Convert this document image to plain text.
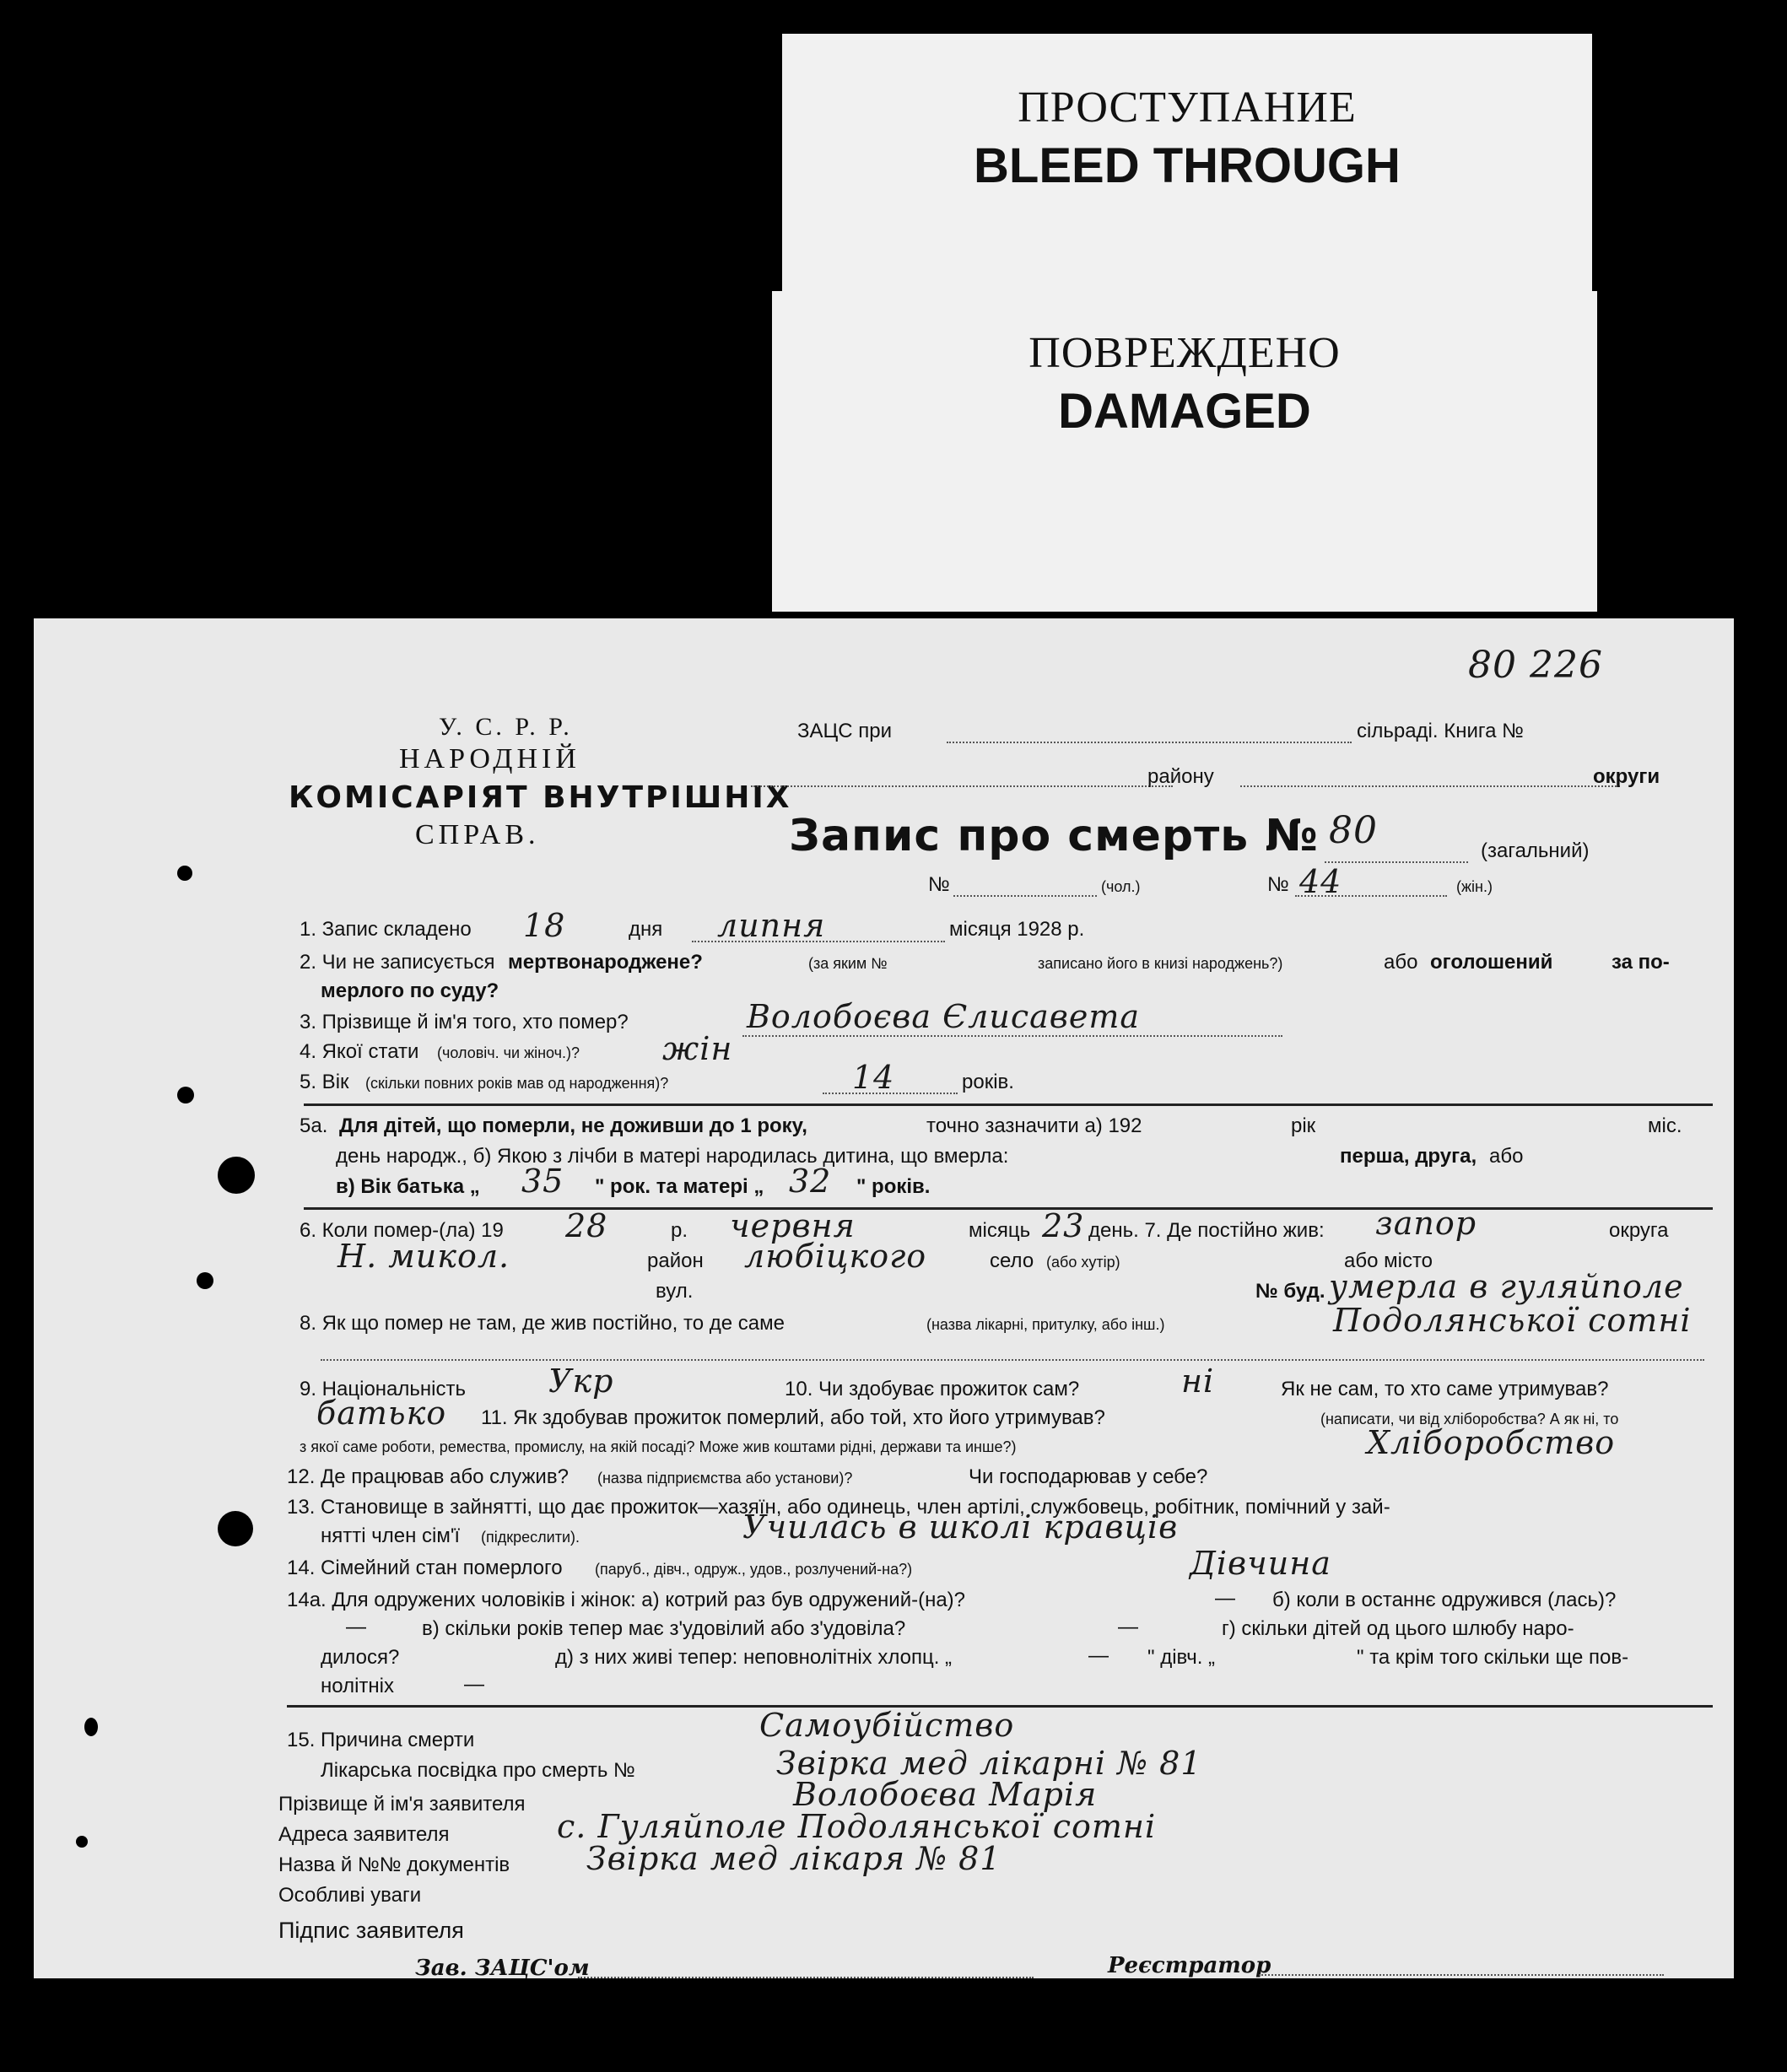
ПРОСТУПАНИЕ
BLEED THROUGH
ПОВРЕЖДЕНО
DAMAGED
80 226
У. С. Р. Р.
НАРОДНІЙ
КОМІСАРІЯТ ВНУТРІШНІХ
СПРАВ.
ЗАЦС при	сільраді. Книга №
району	округи
Запис про смерть № 80	(загальний)
№	(чол.)	№ 44	(жін.)
1. Запис складено 18	дня липня	місяця 1928 р.
2. Чи не записується мертвонароджене?	(за яким №	записано його в книзі народжень?)	або оголошений	за по-
мерлого по суду?
3. Прізвище й ім'я того, хто помер?	Волобоєва Єлисавета
4. Якої стати (чоловіч. чи жіноч.)?	жін
5. Вік (скільки повних років мав од народження)?	14	років.
5а. Для дітей, що померли, не доживши до 1 року,	точно зазначити а) 192	рік	міс.
день народж., б) Якою з лічби в матері народилась дитина, що вмерла:	перша, друга, або
в) Вік батька „ 35 " рок. та матері „ 32 " років.
6. Коли помер-(ла) 19 28	р. червня	місяць 23 день. 7. Де постійно жив: запор	округа
Н. микол.	район любіцкого	село (або хутір)
вул.
або місто
№ буд. умерла в гуляйполе
8. Як що помер не там, де жив постійно, то де саме	(назва лікарні, притулку, або інш.)	Подолянської сотні
9. Національність	Укр	10. Чи здобуває прожиток сам?	ні	Як не сам, то хто саме утримував?
батько 11. Як здобував прожиток померлий, або той, хто його утримував?	(написати, чи від хліборобства? А як ні, то
з якої саме роботи, ремества, промислу, на якій посаді? Може жив коштами рідні, держави та инше?)	Хліборобство
12. Де працював або служив? (назва підприємства або установи)?	Чи господарював у себе?
13. Становище в зайнятті, що дає прожиток—хазяїн, або одинець, член артілі, службовець, робітник, помічний у зай-
нятті член сім'ї (підкреслити).	Училась в школі кравців
14. Сімейний стан померлого (паруб., дівч., одруж., удов., розлучений-на?)	Дівчина
14а. Для одружених чоловіків і жінок: а) котрий раз був одружений-(на)?	— б) коли в останнє одружився (лась)?
—	в) скільки років тепер має з'удовілий або з'удовіла?	—	г) скільки дітей од цього шлюбу наро-
дилося?	д) з них живі тепер: неповнолітніх хлопц. „	— " дівч. „	" та крім того скільки ще пов-
нолітніх	—
15. Причина смерти	Самоубійство
Лікарська посвідка про смерть №	Звірка мед лікарні № 81
Прізвище й ім'я заявителя	Волобоєва Марія
Адреса заявителя	с. Гуляйполе Подолянської сотні
Назва й №№ документів Звірка мед лікаря № 81
Особливі уваги
Підпис заявителя
Зав. ЗАЦС'ом	Реєстратор
